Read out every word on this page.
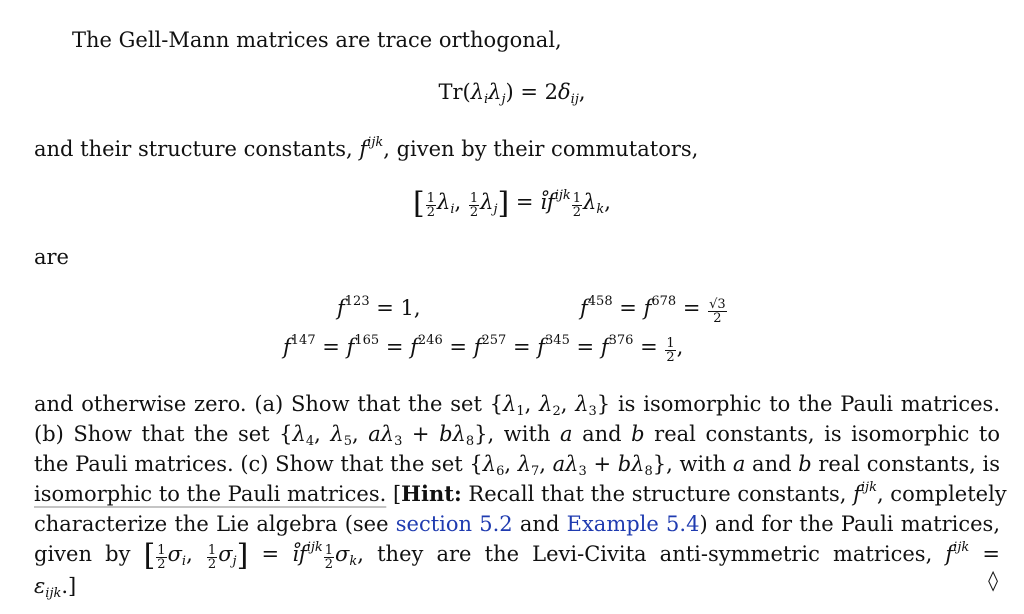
The Gell-Mann matrices are trace orthogonal,
$Tr(\lambda_i\lambda_j) = 2\delta_{ij}$,
and their structure constants, $f^{ijk}$, given by their commutators,
[ $\frac{1}{2} \lambda_i$, $\frac{1}{2} \lambda_j$] = $i̊f^{ijk} \frac{1}{2} \lambda_k$,
are
$f^{123} = 1$,	$f^{458} = f^{678} = \frac{√3}{2}$
$f^{147} = f^{165} = f^{246} = f^{257} = f^{345} = f^{376} = \frac{1}{2}$ ,
and otherwise zero. (a) Show that the set {$\lambda_1$, $\lambda_2$, $\lambda_3$} is isomorphic to the Pauli matrices.
(b) Show that the set {$\lambda_4$, $\lambda_5$, $a\lambda_3 + b\lambda_8$}, with a and b real constants, is isomorphic to
the Pauli matrices. (c) Show that the set {$\lambda_6$, $\lambda_7$, $a\lambda_3 + b\lambda_8$}, with a and b real constants, is
isomorphic to the Pauli matrices. [Hint: Recall that the structure constants, $f^{ijk}$, completely
characterize the Lie algebra (see section 5.2 and Example 5.4) and for the Pauli matrices,
given by [ $\frac{1}{2} \sigma_i$, $\frac{1}{2} \sigma_j$] = $i̊f^{ijk} \frac{1}{2} \sigma_k$, they are the Levi-Civita anti-symmetric matrices, $f^{ijk}$ =
$\varepsilon_{ijk}$.]	◊
